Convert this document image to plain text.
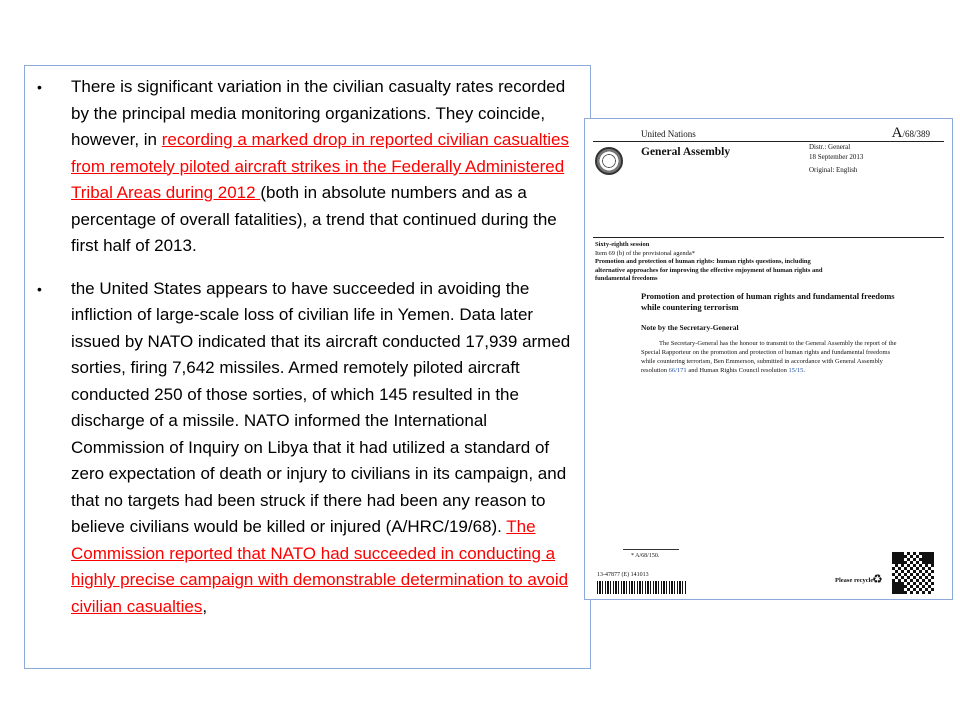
• There is significant variation in the civilian casualty rates recorded by the principal media monitoring organizations. They coincide, however, in recording a marked drop in reported civilian casualties from remotely piloted aircraft strikes in the Federally Administered Tribal Areas during 2012 (both in absolute numbers and as a percentage of overall fatalities), a trend that continued during the first half of 2013.
• the United States appears to have succeeded in avoiding the infliction of large-scale loss of civilian life in Yemen. Data later issued by NATO indicated that its aircraft conducted 17,939 armed sorties, firing 7,642 missiles. Armed remotely piloted aircraft conducted 250 of those sorties, of which 145 resulted in the discharge of a missile. NATO informed the International Commission of Inquiry on Libya that it had utilized a standard of zero expectation of death or injury to civilians in its campaign, and that no targets had been struck if there had been any reason to believe civilians would be killed or injured (A/HRC/19/68). The Commission reported that NATO had succeeded in conducting a highly precise campaign with demonstrable determination to avoid civilian casualties,
United Nations	A/68/389
General Assembly	Distr.: General
18 September 2013
Original: English
Sixty-eighth session
Item 69 (b) of the provisional agenda*
Promotion and protection of human rights: human rights questions, including alternative approaches for improving the effective enjoyment of human rights and fundamental freedoms
Promotion and protection of human rights and fundamental freedoms while countering terrorism
Note by the Secretary-General
The Secretary-General has the honour to transmit to the General Assembly the report of the Special Rapporteur on the promotion and protection of human rights and fundamental freedoms while countering terrorism, Ben Emmerson, submitted in accordance with General Assembly resolution 66/171 and Human Rights Council resolution 15/15.
* A/68/150.
13-47877 (E) 141013
Please recycle
♻
